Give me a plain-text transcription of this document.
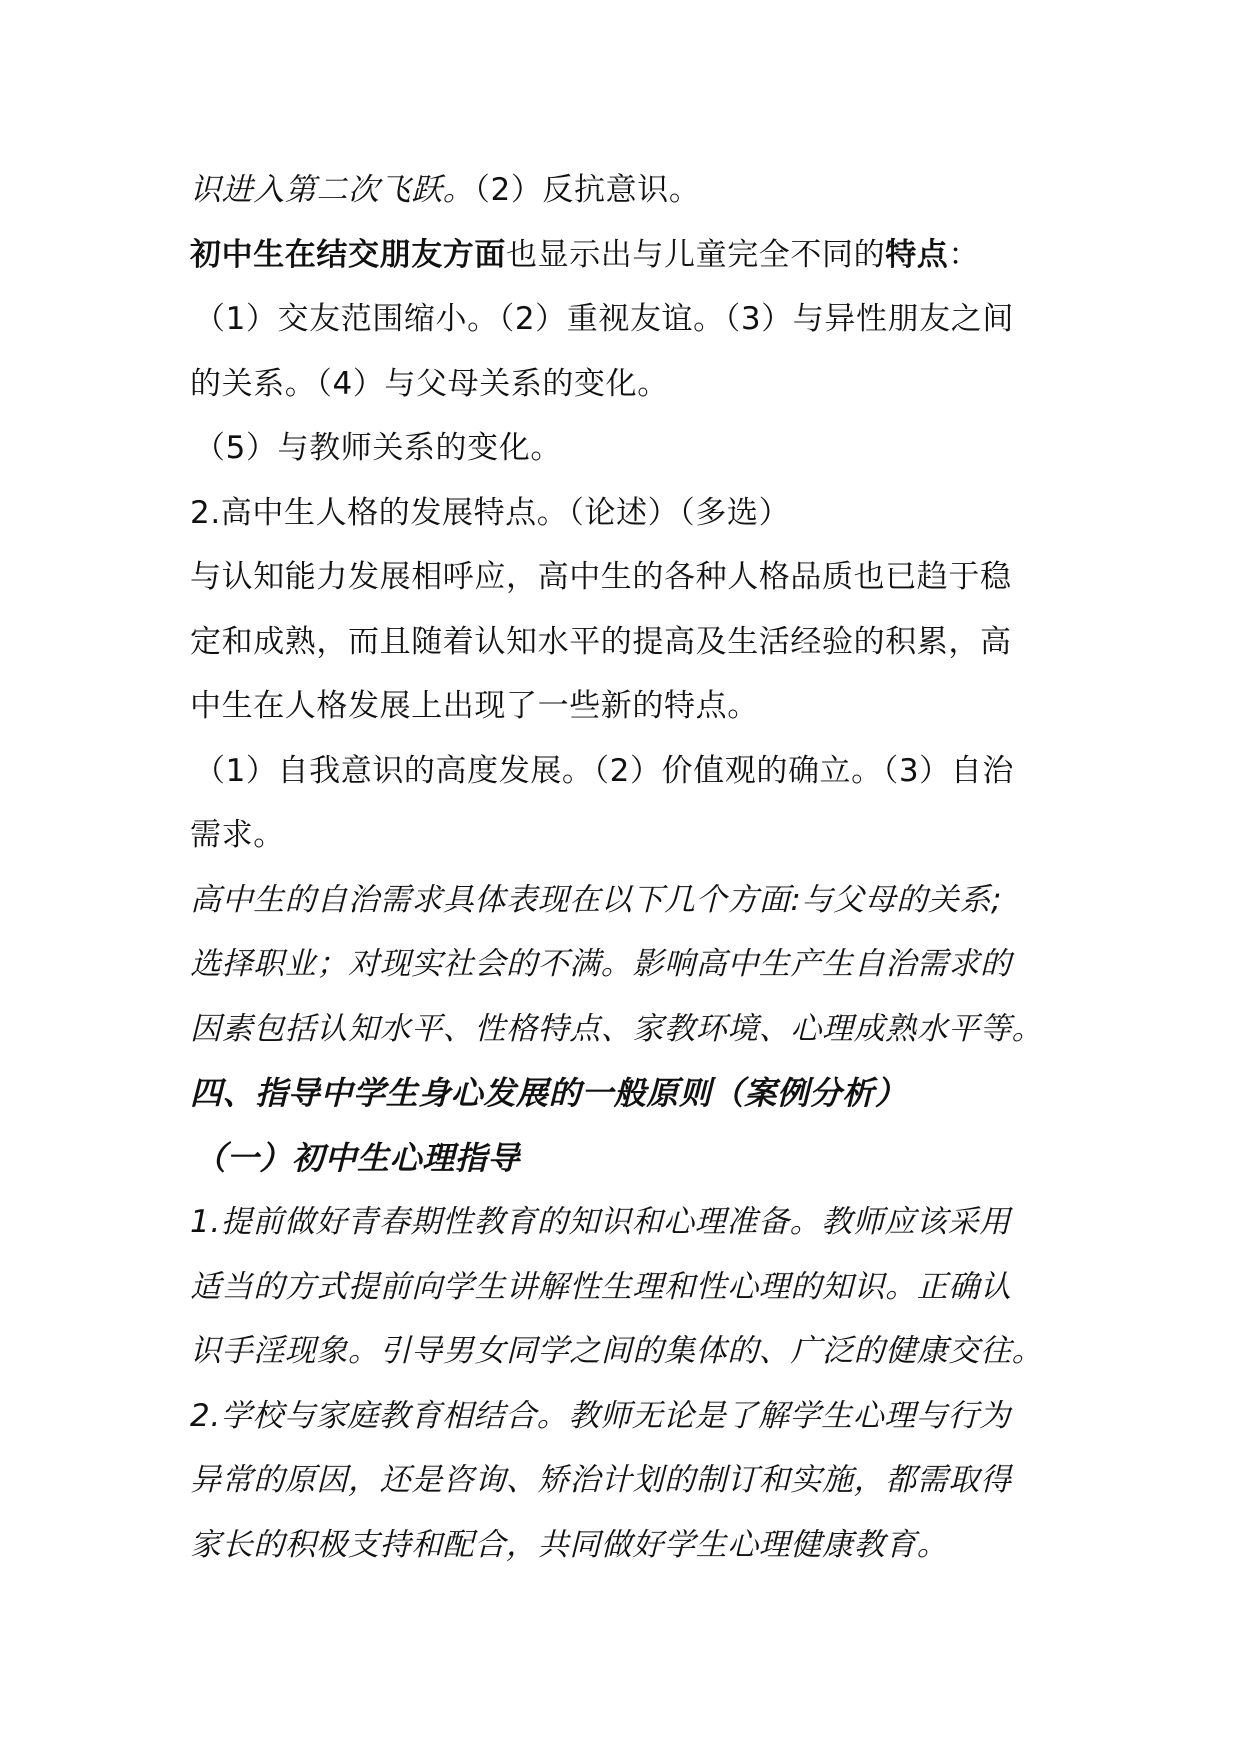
识进入第二次飞跃。（2）反抗意识。
初中生在结交朋友方面也显示出与儿童完全不同的特点：
（1）交友范围缩小。（2）重视友谊。（3）与异性朋友之间
的关系。（4）与父母关系的变化。
（5）与教师关系的变化。
2.高中生人格的发展特点。（论述）（多选）
与认知能力发展相呼应，高中生的各种人格品质也已趋于稳
定和成熟，而且随着认知水平的提高及生活经验的积累，高
中生在人格发展上出现了一些新的特点。
（1）自我意识的高度发展。（2）价值观的确立。（3）自治
需求。
高中生的自治需求具体表现在以下几个方面:与父母的关系;
选择职业；对现实社会的不满。影响高中生产生自治需求的
因素包括认知水平、性格特点、家教环境、心理成熟水平等。
四、指导中学生身心发展的一般原则（案例分析）
（一）初中生心理指导
1.提前做好青春期性教育的知识和心理准备。教师应该采用
适当的方式提前向学生讲解性生理和性心理的知识。正确认
识手淫现象。引导男女同学之间的集体的、广泛的健康交往。
2.学校与家庭教育相结合。教师无论是了解学生心理与行为
异常的原因，还是咨询、矫治计划的制订和实施，都需取得
家长的积极支持和配合，共同做好学生心理健康教育。
